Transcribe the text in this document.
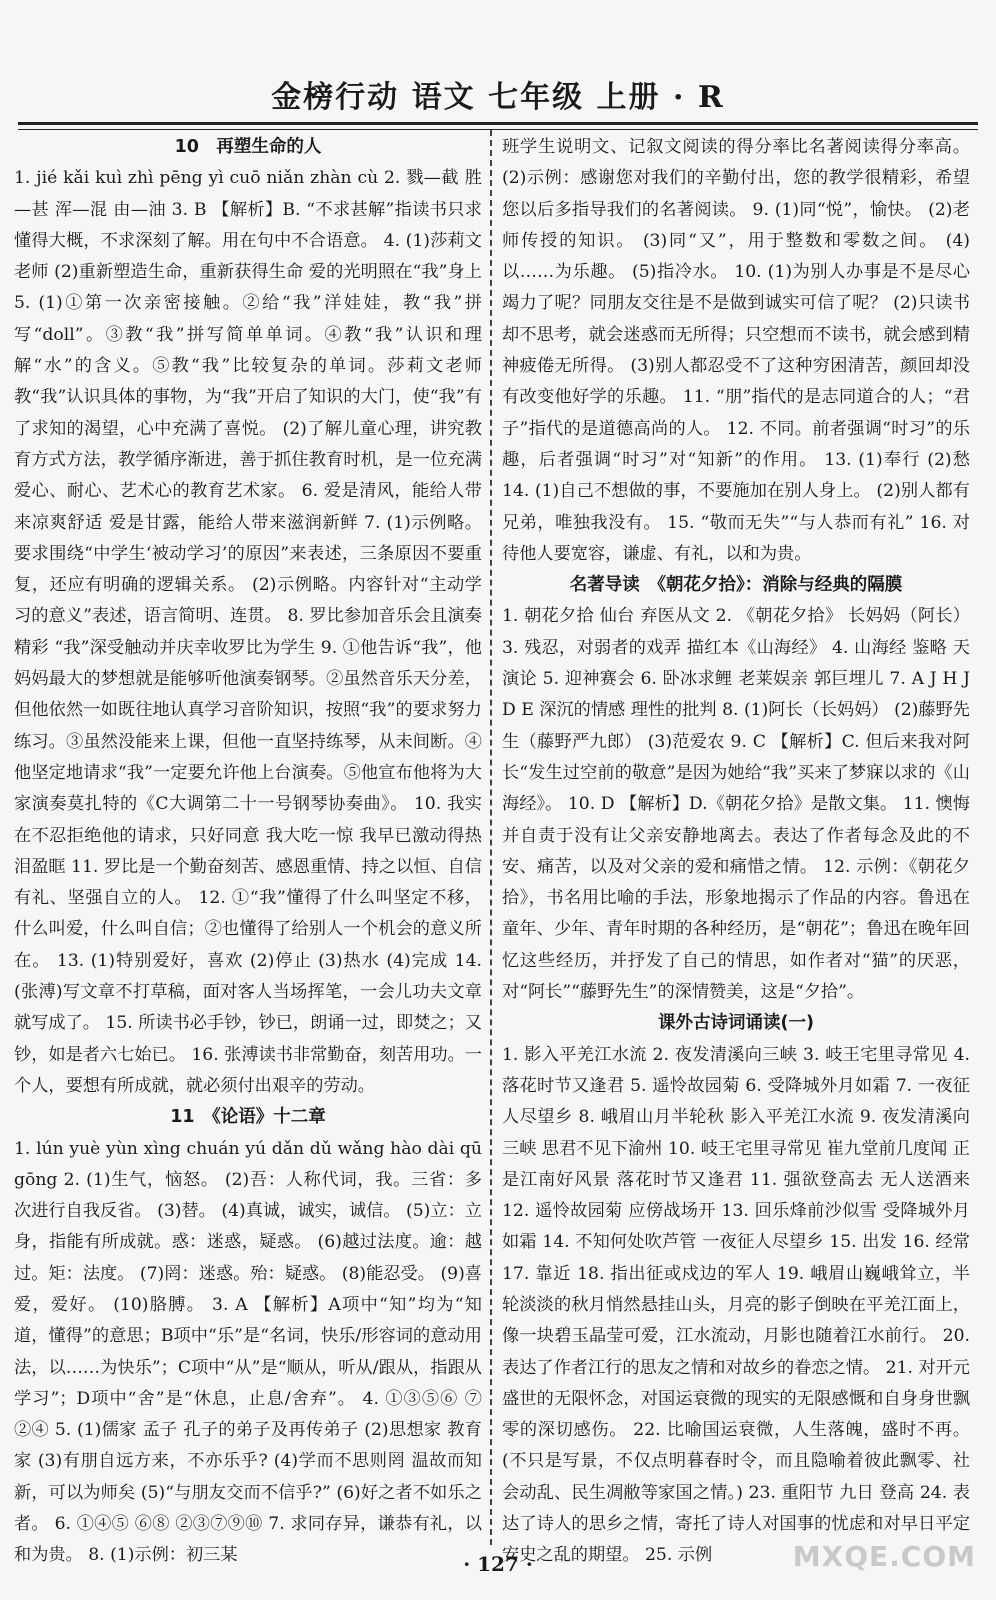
金榜行动 语文 七年级 上册 · R
10　再塑生命的人
1. jié kǎi kuì zhì pēng yì cuō niǎn zhàn cù 2. 戮—截 胜—甚 浑—混 由—油 3. B 【解析】B. “不求甚解”指读书只求懂得大概，不求深刻了解。用在句中不合语意。 4. (1)莎莉文老师 (2)重新塑造生命，重新获得生命 爱的光明照在“我”身上 5. (1)①第一次亲密接触。②给“我”洋娃娃，教“我”拼写“doll”。③教“我”拼写简单单词。④教“我”认识和理解“水”的含义。⑤教“我”比较复杂的单词。莎莉文老师教“我”认识具体的事物，为“我”开启了知识的大门，使“我”有了求知的渴望，心中充满了喜悦。 (2)了解儿童心理，讲究教育方式方法，教学循序渐进，善于抓住教育时机，是一位充满爱心、耐心、艺术心的教育艺术家。 6. 爱是清风，能给人带来凉爽舒适 爱是甘露，能给人带来滋润新鲜 7. (1)示例略。要求围绕“中学生‘被动学习’的原因”来表述，三条原因不要重复，还应有明确的逻辑关系。 (2)示例略。内容针对“主动学习的意义”表述，语言简明、连贯。 8. 罗比参加音乐会且演奏精彩 “我”深受触动并庆幸收罗比为学生 9. ①他告诉“我”，他妈妈最大的梦想就是能够听他演奏钢琴。②虽然音乐天分差，但他依然一如既往地认真学习音阶知识，按照“我”的要求努力练习。③虽然没能来上课，但他一直坚持练琴，从未间断。④他坚定地请求“我”一定要允许他上台演奏。⑤他宣布他将为大家演奏莫扎特的《C大调第二十一号钢琴协奏曲》。 10. 我实在不忍拒绝他的请求，只好同意 我大吃一惊 我早已激动得热泪盈眶 11. 罗比是一个勤奋刻苦、感恩重情、持之以恒、自信有礼、坚强自立的人。 12. ①“我”懂得了什么叫坚定不移，什么叫爱，什么叫自信；②也懂得了给别人一个机会的意义所在。 13. (1)特别爱好，喜欢 (2)停止 (3)热水 (4)完成 14. (张溥)写文章不打草稿，面对客人当场挥笔，一会儿功夫文章就写成了。 15. 所读书必手钞，钞已，朗诵一过，即焚之；又钞，如是者六七始已。 16. 张溥读书非常勤奋，刻苦用功。一个人，要想有所成就，就必须付出艰辛的劳动。
11　《论语》十二章
1. lún yuè yùn xìng chuán yú dǎn dǔ wǎng hào dài qū gōng 2. (1)生气，恼怒。 (2)吾：人称代词，我。三省：多次进行自我反省。 (3)替。 (4)真诚，诚实，诚信。 (5)立：立身，指能有所成就。惑：迷惑，疑惑。 (6)越过法度。逾：越过。矩：法度。 (7)罔：迷惑。殆：疑惑。 (8)能忍受。 (9)喜爱，爱好。 (10)胳膊。 3. A 【解析】A项中“知”均为“知道，懂得”的意思；B项中“乐”是“名词，快乐/形容词的意动用法，以……为快乐”；C项中“从”是“顺从，听从/跟从，指跟从学习”；D项中“舍”是“休息，止息/舍弃”。 4. ①③⑤⑥ ⑦ ②④ 5. (1)儒家 孟子 孔子的弟子及再传弟子 (2)思想家 教育家 (3)有朋自远方来，不亦乐乎? (4)学而不思则罔 温故而知新，可以为师矣 (5)“与朋友交而不信乎?” (6)好之者不如乐之者。 6. ①④⑤ ⑥⑧ ②③⑦⑨⑩ 7. 求同存异，谦恭有礼，以和为贵。 8. (1)示例：初三某
班学生说明文、记叙文阅读的得分率比名著阅读得分率高。 (2)示例：感谢您对我们的辛勤付出，您的教学很精彩，希望您以后多指导我们的名著阅读。 9. (1)同“悦”，愉快。 (2)老师传授的知识。 (3)同“又”，用于整数和零数之间。 (4)以……为乐趣。 (5)指冷水。 10. (1)为别人办事是不是尽心竭力了呢？同朋友交往是不是做到诚实可信了呢？ (2)只读书却不思考，就会迷惑而无所得；只空想而不读书，就会感到精神疲倦无所得。 (3)别人都忍受不了这种穷困清苦，颜回却没有改变他好学的乐趣。 11. “朋”指代的是志同道合的人；“君子”指代的是道德高尚的人。 12. 不同。前者强调“时习”的乐趣，后者强调“时习”对“知新”的作用。 13. (1)奉行 (2)愁 14. (1)自己不想做的事，不要施加在别人身上。 (2)别人都有兄弟，唯独我没有。 15. “敬而无失”“与人恭而有礼” 16. 对待他人要宽容，谦虚、有礼，以和为贵。
名著导读　《朝花夕拾》：消除与经典的隔膜
1. 朝花夕拾 仙台 弃医从文 2. 《朝花夕拾》 长妈妈（阿长） 3. 残忍，对弱者的戏弄 描红本《山海经》 4. 山海经 鉴略 天演论 5. 迎神赛会 6. 卧冰求鲤 老莱娱亲 郭巨埋儿 7. A J H J D E 深沉的情感 理性的批判 8. (1)阿长（长妈妈） (2)藤野先生（藤野严九郎） (3)范爱农 9. C 【解析】C. 但后来我对阿长“发生过空前的敬意”是因为她给“我”买来了梦寐以求的《山海经》。 10. D 【解析】D.《朝花夕拾》是散文集。 11. 懊悔并自责于没有让父亲安静地离去。表达了作者每念及此的不安、痛苦，以及对父亲的爱和痛惜之情。 12. 示例：《朝花夕拾》，书名用比喻的手法，形象地揭示了作品的内容。鲁迅在童年、少年、青年时期的各种经历，是“朝花”；鲁迅在晚年回忆这些经历，并抒发了自己的情思，如作者对“猫”的厌恶，对“阿长”“藤野先生”的深情赞美，这是“夕拾”。
课外古诗词诵读(一)
1. 影入平羌江水流 2. 夜发清溪向三峡 3. 岐王宅里寻常见 4. 落花时节又逢君 5. 遥怜故园菊 6. 受降城外月如霜 7. 一夜征人尽望乡 8. 峨眉山月半轮秋 影入平羌江水流 9. 夜发清溪向三峡 思君不见下渝州 10. 岐王宅里寻常见 崔九堂前几度闻 正是江南好风景 落花时节又逢君 11. 强欲登高去 无人送酒来 12. 遥怜故园菊 应傍战场开 13. 回乐烽前沙似雪 受降城外月如霜 14. 不知何处吹芦管 一夜征人尽望乡 15. 出发 16. 经常 17. 靠近 18. 指出征或戍边的军人 19. 峨眉山巍峨耸立，半轮淡淡的秋月悄然悬挂山头，月亮的影子倒映在平羌江面上，像一块碧玉晶莹可爱，江水流动，月影也随着江水前行。 20. 表达了作者江行的思友之情和对故乡的眷恋之情。 21. 对开元盛世的无限怀念，对国运衰微的现实的无限感慨和自身身世飘零的深切感伤。 22. 比喻国运衰微，人生落魄，盛时不再。(不只是写景，不仅点明暮春时令，而且隐喻着彼此飘零、社会动乱、民生凋敝等家国之情。) 23. 重阳节 九日 登高 24. 表达了诗人的思乡之情，寄托了诗人对国事的忧虑和对早日平定安史之乱的期望。 25. 示例
· 127 ·	MXQE.COM
